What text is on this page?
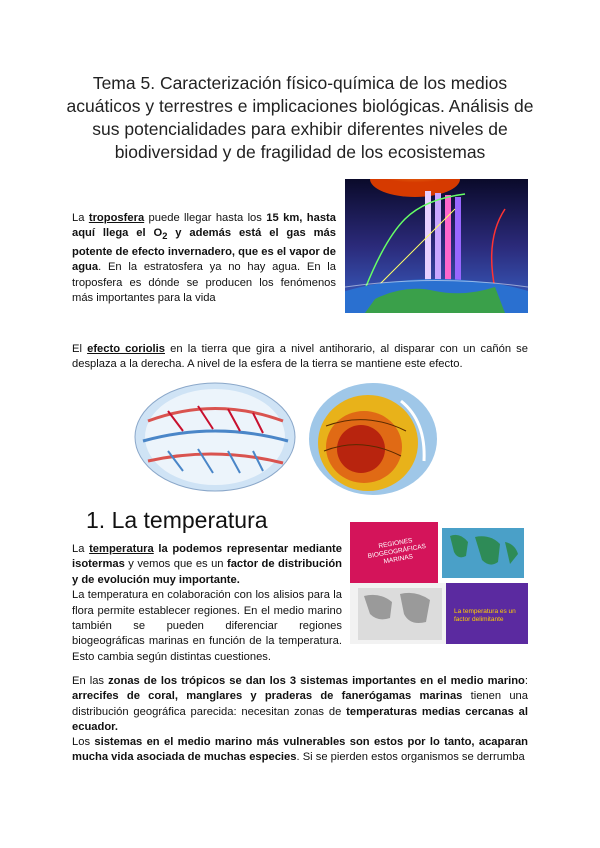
Tema 5. Caracterización físico-química de los medios acuáticos y terrestres e implicaciones biológicas. Análisis de sus potencialidades para exhibir diferentes niveles de biodiversidad y de fragilidad de los ecosistemas
La troposfera puede llegar hasta los 15 km, hasta aquí llega el $O_2$ y además está el gas más potente de efecto invernadero, que es el vapor de agua. En la estratosfera ya no hay agua. En la troposfera es dónde se producen los fenómenos más importantes para la vida
El efecto coriolis en la tierra que gira a nivel antihorario, al disparar con un cañón se desplaza a la derecha. A nivel de la esfera de la tierra se mantiene este efecto.
1. La temperatura
REGIONES BIOGEOGRÁFICAS MARINAS
La temperatura es un factor delimitante
La temperatura la podemos representar mediante isotermas y vemos que es un factor de distribución y de evolución muy importante.
La temperatura en colaboración con los alisios para la flora permite establecer regiones. En el medio marino también se pueden diferenciar regiones biogeográficas marinas en función de la temperatura. Esto cambia según distintas cuestiones.
En las zonas de los trópicos se dan los 3 sistemas importantes en el medio marino: arrecifes de coral, manglares y praderas de fanerógamas marinas tienen una distribución geográfica parecida: necesitan zonas de temperaturas medias cercanas al ecuador.
Los sistemas en el medio marino más vulnerables son estos por lo tanto, acaparan mucha vida asociada de muchas especies. Si se pierden estos organismos se derrumba
